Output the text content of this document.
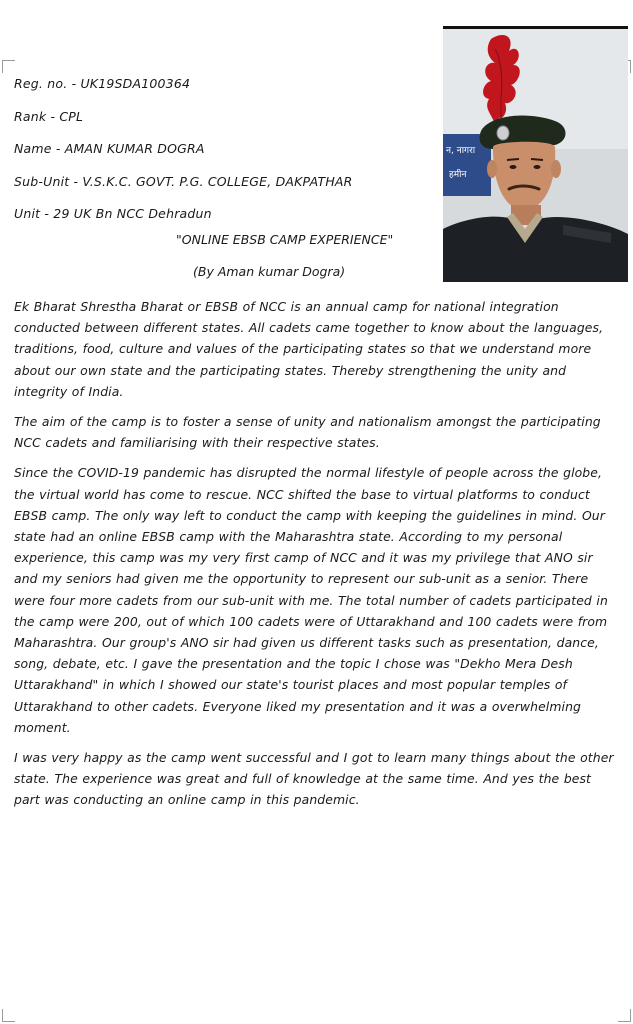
Reg. no. - UK19SDA100364
Rank - CPL
Name - AMAN KUMAR DOGRA
Sub-Unit - V.S.K.C. GOVT. P.G. COLLEGE, DAKPATHAR
Unit - 29 UK Bn NCC Dehradun
"ONLINE EBSB CAMP EXPERIENCE"
(By Aman kumar Dogra)
न, नागरा
हमीन

Ek Bharat Shrestha Bharat or EBSB of NCC is an annual camp for national integration conducted between different states. All cadets came together to know about the languages, traditions, food, culture and values of the participating states so that we understand more about our own state and the participating states. Thereby strengthening the unity and integrity of India.

The aim of the camp is to foster a sense of unity and nationalism amongst the participating NCC cadets and familiarising with their respective states.

Since the COVID-19 pandemic has disrupted the normal lifestyle of people across the globe, the virtual world has come to rescue. NCC shifted the base to virtual platforms to conduct EBSB camp. The only way left to conduct the camp with keeping the guidelines in mind. Our state had an online EBSB camp with the Maharashtra state. According to my personal experience, this camp was my very first camp of NCC and it was my privilege that ANO sir and my seniors had given me the opportunity to represent our sub-unit as a senior. There were four more cadets from our sub-unit with me. The total number of cadets participated in the camp were 200, out of which 100 cadets were of Uttarakhand and 100 cadets were from Maharashtra. Our group's ANO sir had given us different tasks such as presentation, dance, song, debate, etc. I gave the presentation and the topic I chose was "Dekho Mera Desh Uttarakhand" in which I showed our state's tourist places and most popular temples of Uttarakhand to other cadets. Everyone liked my presentation and it was a overwhelming moment.

I was very happy as the camp went successful and I got to learn many things about the other state. The experience was great and full of knowledge at the same time. And yes the best part was conducting an online camp in this pandemic.
